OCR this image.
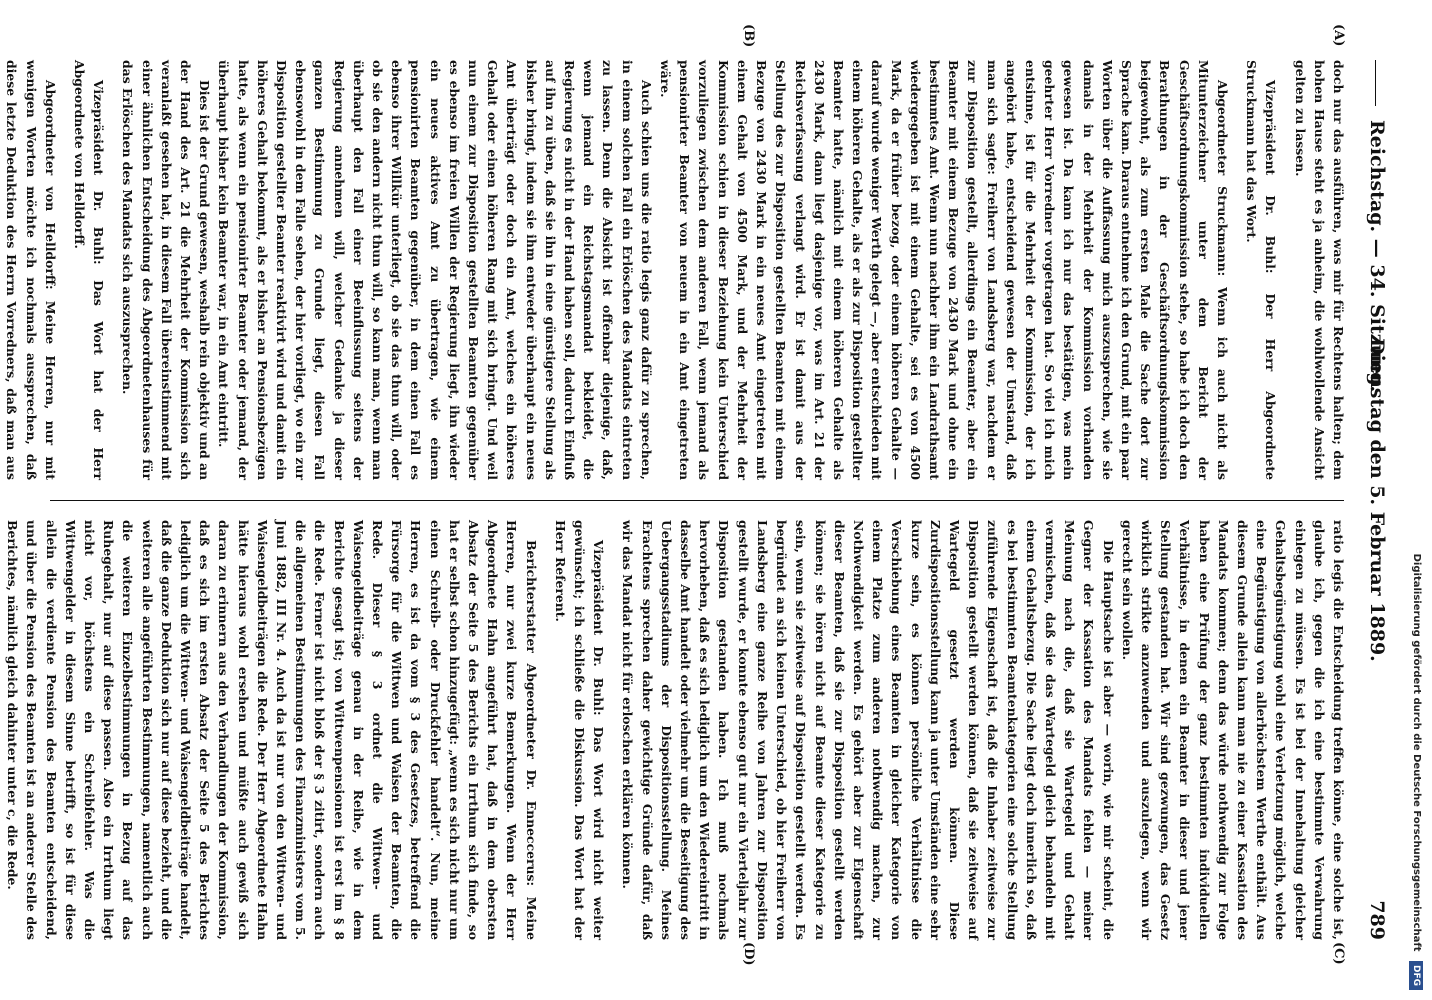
Reichstag. — 34. Sitzung.
Dienstag den 5. Februar 1889.
789
(A)
(B)
(C)
(D)

doch nur das ausführen, was mir für Rechtens halten; dem hohen Hause steht es ja anheim, die wohlwollende Ansicht gelten zu lassen.

Vizepräsident Dr. Buhl: Der Herr Abgeordnete Struckmann hat das Wort.

Abgeordneter Struckmann: Wenn ich auch nicht als Mitunterzeichner unter dem Bericht der Geschäftsordnungskommission stehe, so habe ich doch den Berathungen in der Geschäftsordnungskommission beigewohnt, als zum ersten Male die Sache dort zur Sprache kam. Daraus entnehme ich den Grund, mit ein paar Worten über die Auffassung mich auszusprechen, wie sie damals in der Mehrheit der Kommission vorhanden gewesen ist. Da kann ich nur das bestätigen, was mein geehrter Herr Vorredner vorgetragen hat. So viel ich mich entsinne, ist für die Mehrheit der Kommission, der ich angehört habe, entscheidend gewesen der Umstand, daß man sich sagte: Freiherr von Landsberg war, nachdem er zur Disposition gestellt, allerdings ein Beamter, aber ein Beamter mit einem Bezuge von 2430 Mark und ohne ein bestimmtes Amt. Wenn nun nachher ihm ein Landrathsamt wiedergegeben ist mit einem Gehalte, sei es von 4500 Mark, da er früher bezog, oder einem höheren Gehalte — darauf wurde weniger Werth gelegt —, aber entschieden mit einem höheren Gehalte, als er als zur Disposition gestellter Beamter hatte, nämlich mit einem höheren Gehalte als 2430 Mark, dann liegt dasjenige vor, was im Art. 21 der Reichsverfassung verlangt wird. Er ist damit aus der Stellung des zur Disposition gestellten Beamten mit einem Bezuge von 2430 Mark in ein neues Amt eingetreten mit einem Gehalt von 4500 Mark, und der Mehrheit der Kommission schien in dieser Beziehung kein Unterschied vorzuliegen zwischen dem anderen Fall, wenn jemand als pensionirter Beamter von neuem in ein Amt eingetreten wäre.

Auch schien uns die ratio legis ganz dafür zu sprechen, in einem solchen Fall ein Erlöschen des Mandats eintreten zu lassen. Denn die Absicht ist offenbar diejenige, daß, wenn jemand ein Reichstagsmandat bekleidet, die Regierung es nicht in der Hand haben soll, dadurch Einfluß auf ihn zu üben, daß sie ihn in eine günstigere Stellung als bisher bringt, indem sie ihm entweder überhaupt ein neues Amt überträgt oder doch ein Amt, welches ein höheres Gehalt oder einen höheren Rang mit sich bringt. Und weil nun einem zur Disposition gestellten Beamten gegenüber es ebenso im freien Willen der Regierung liegt, ihn wieder ein neues aktives Amt zu übertragen, wie einem pensionirten Beamten gegenüber, in dem einen Fall es ebenso ihrer Willkür unterliegt, ob sie das thun will, oder ob sie den andern nicht thun will, so kann man, wenn man überhaupt den Fall einer Beeinflussung seitens der Regierung annehmen will, welcher Gedanke ja dieser ganzen Bestimmung zu Grunde liegt, diesen Fall ebensowohl in dem Falle sehen, der hier vorliegt, wo ein zur Disposition gestellter Beamter reaktivirt wird und damit ein höheres Gehalt bekommt, als er bisher an Pensionsbezügen hatte, als wenn ein pensionirter Beamter oder jemand, der überhaupt bisher kein Beamter war, in ein Amt eintritt.

Dies ist der Grund gewesen, weshalb rein objektiv und an der Hand des Art. 21 die Mehrheit der Kommission sich veranlaßt gesehen hat, in diesem Fall übereinstimmend mit einer ähnlichen Entscheidung des Abgeordnetenhauses für das Erlöschen des Mandats sich auszusprechen.

Vizepräsident Dr. Buhl: Das Wort hat der Herr Abgeordnete von Helldorff.

Abgeordneter von Helldorff: Meine Herren, nur mit wenigen Worten möchte ich nochmals aussprechen, daß diese letzte Deduktion des Herrn Vorredners, daß man aus

ratio legis die Entscheidung treffen könne, eine solche ist, glaube ich, gegen die ich eine bestimmte Verwahrung einlegen zu müssen. Es ist bei der Innehaltung gleicher Gehaltsbegünstigung wohl eine Verletzung möglich, welche eine Begünstigung von allerhöchstem Werthe enthält. Aus diesem Grunde allein kann man nie zu einer Kassation des Mandats kommen; denn das würde nothwendig zur Folge haben eine Prüfung der ganz bestimmten individuellen Verhältnisse, in denen ein Beamter in dieser und jener Stellung gestanden hat. Wir sind gezwungen, das Gesetz wirklich strikte anzuwenden und auszulegen, wenn wir gerecht sein wollen.

Die Hauptsache ist aber — worin, wie mir scheint, die Gegner der Kassation des Mandats fehlen — meiner Meinung nach die, daß sie Wartegeld und Gehalt vermischen, daß sie das Wartegeld gleich behandeln mit einem Gehaltsbezug. Die Sache liegt doch innerlich so, daß es bei bestimmten Beamtenkategorien eine solche Stellung zuführende Eigenschaft ist, daß die Inhaber zeitweise zur Disposition gestellt werden können, daß sie zeitweise auf Wartegeld gesetzt werden können. Diese Zurdispositionsstellung kann ja unter Umständen eine sehr kurze sein, es können persönliche Verhältnisse die Verschiebung eines Beamten in gleicher Kategorie von einem Platze zum anderen nothwendig machen, zur Nothwendigkeit werden. Es gehört aber zur Eigenschaft dieser Beamten, daß sie zur Disposition gestellt werden können; sie hören nicht auf Beamte dieser Kategorie zu sein, wenn sie zeitweise auf Disposition gestellt werden. Es begründet an sich keinen Unterschied, ob hier Freiherr von Landsberg eine ganze Reihe von Jahren zur Disposition gestellt wurde, er konnte ebenso gut nur ein Vierteljahr zur Disposition gestanden haben. Ich muß nochmals hervorheben, daß es sich lediglich um den Wiedereintritt in dasselbe Amt handelt oder vielmehr um die Beseitigung des Uebergangsstadiums der Dispositionsstellung. Meines Erachtens sprechen daher gewichtige Gründe dafür, daß wir das Mandat nicht für erloschen erklären können.

Vizepräsident Dr. Buhl: Das Wort wird nicht weiter gewünscht; ich schließe die Diskussion. Das Wort hat der Herr Referent.

Berichterstatter Abgeordneter Dr. Enneccerus: Meine Herren, nur zwei kurze Bemerkungen. Wenn der Herr Abgeordnete Hahn angeführt hat, daß in dem obersten Absatz der Seite 5 des Berichts ein Irrthum sich finde, so hat er selbst schon hinzugefügt: „wenn es sich nicht nur um einen Schreib- oder Druckfehler handelt“. Nun, meine Herren, es ist da vom § 3 des Gesetzes, betreffend die Fürsorge für die Wittwen und Waisen der Beamten, die Rede. Dieser § 3 ordnet die Wittwen- und Waisengeldbeiträge genau in der Reihe, wie in dem Berichte gesagt ist; von Wittwenpensionen ist erst im § 8 die Rede. Ferner ist nicht bloß der § 3 zitirt, sondern auch die allgemeinen Bestimmungen des Finanzministers vom 5. Juni 1882, III Nr. 4. Auch da ist nur von den Wittwen- und Waisengeldbeiträgen die Rede. Der Herr Abgeordnete Hahn hätte hieraus wohl ersehen und müßte auch gewiß sich daran zu erinnern aus den Verhandlungen der Kommission, daß es sich im ersten Absatz der Seite 5 des Berichtes lediglich um die Wittwen- und Waisengeldbeiträge handelt, daß die ganze Deduktion sich nur auf diese bezieht, und die weiteren alle angeführten Bestimmungen, namentlich auch die weiteren Einzelbestimmungen in Bezug auf das Ruhegehalt, nur auf diese passen. Also ein Irrthum liegt nicht vor, höchstens ein Schreibfehler. Was die Wittwengelder in diesem Sinne betrifft, so ist für diese allein die verdiente Pension des Beamten entscheidend, und über die Pension des Beamten ist an anderer Stelle des Berichtes, nämlich gleich dahinter unter c, die Rede.	Digitalisierung gefördert durch die Deutsche Forschungsgemeinschaft DFG
